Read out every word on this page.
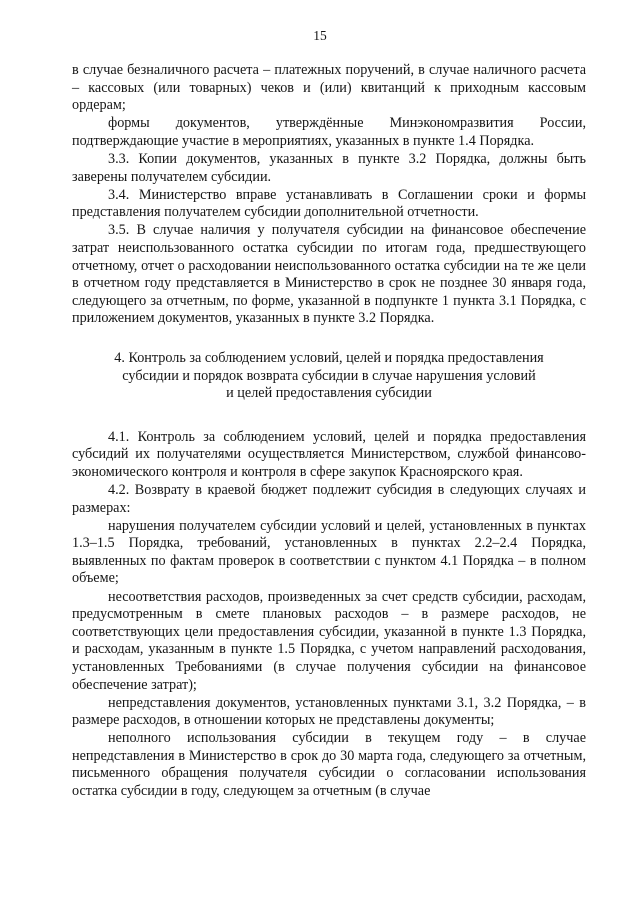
15

в случае безналичного расчета – платежных поручений, в случае наличного расчета – кассовых (или товарных) чеков и (или) квитанций к приходным кассовым ордерам;

формы документов, утверждённые Минэкономразвития России, подтверждающие участие в мероприятиях, указанных в пункте 1.4 Порядка.

3.3. Копии документов, указанных в пункте 3.2 Порядка, должны быть заверены получателем субсидии.

3.4. Министерство вправе устанавливать в Соглашении сроки и формы представления получателем субсидии дополнительной отчетности.

3.5. В случае наличия у получателя субсидии на финансовое обеспечение затрат неиспользованного остатка субсидии по итогам года, предшествующего отчетному, отчет о расходовании неиспользованного остатка субсидии на те же цели в отчетном году представляется в Министерство в срок не позднее 30 января года, следующего за отчетным, по форме, указанной в подпункте 1 пункта 3.1 Порядка, с приложением документов, указанных в пункте 3.2 Порядка.

4. Контроль за соблюдением условий, целей и порядка предоставления
субсидии и порядок возврата субсидии в случае нарушения условий
и целей предоставления субсидии

4.1. Контроль за соблюдением условий, целей и порядка предоставления субсидий их получателями осуществляется Министерством, службой финансово-экономического контроля и контроля в сфере закупок Красноярского края.

4.2. Возврату в краевой бюджет подлежит субсидия в следующих случаях и размерах:

нарушения получателем субсидии условий и целей, установленных в пунктах 1.3–1.5 Порядка, требований, установленных в пунктах 2.2–2.4 Порядка, выявленных по фактам проверок в соответствии с пунктом 4.1 Порядка – в полном объеме;

несоответствия расходов, произведенных за счет средств субсидии, расходам, предусмотренным в смете плановых расходов – в размере расходов, не соответствующих цели предоставления субсидии, указанной в пункте 1.3 Порядка, и расходам, указанным в пункте 1.5 Порядка, с учетом направлений расходования, установленных Требованиями (в случае получения субсидии на финансовое обеспечение затрат);

непредставления документов, установленных пунктами 3.1, 3.2 Порядка, – в размере расходов, в отношении которых не представлены документы;

неполного использования субсидии в текущем году – в случае непредставления в Министерство в срок до 30 марта года, следующего за отчетным, письменного обращения получателя субсидии о согласовании использования остатка субсидии в году, следующем за отчетным (в случае
